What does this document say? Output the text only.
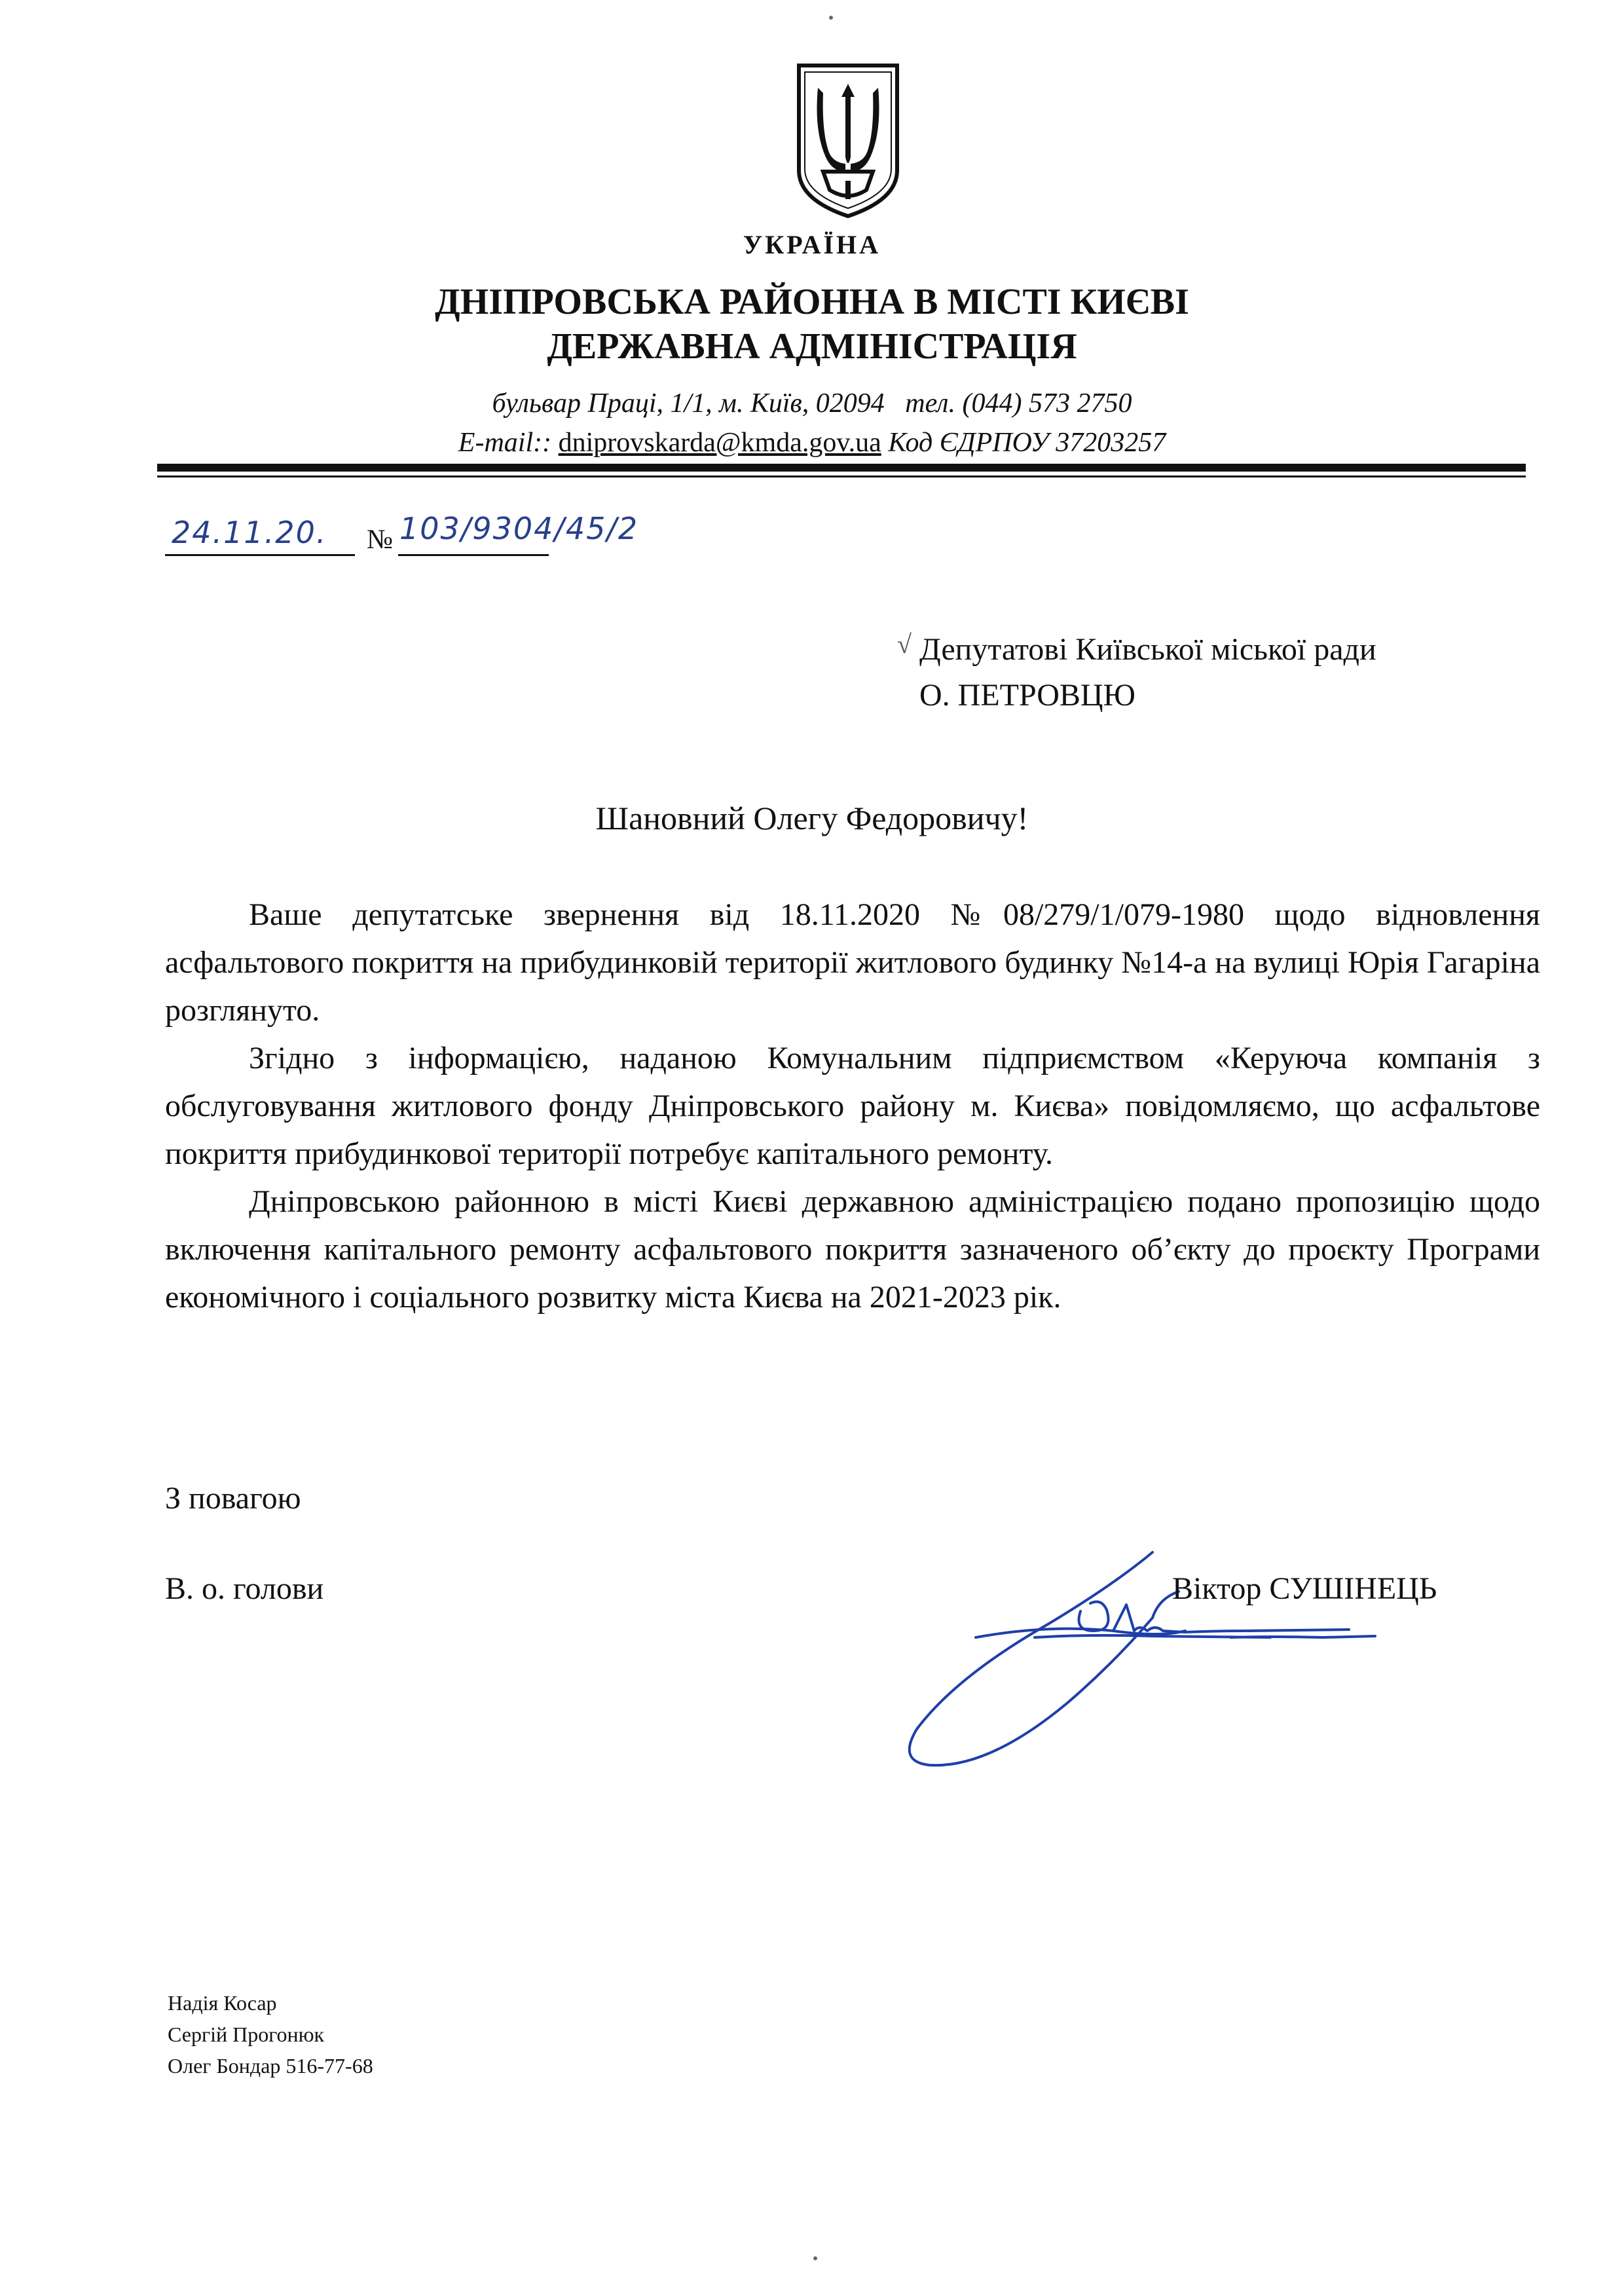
УКРАЇНА
ДНІПРОВСЬКА РАЙОННА В МІСТІ КИЄВІ
ДЕРЖАВНА АДМІНІСТРАЦІЯ
бульвар Праці, 1/1, м. Київ, 02094 тел. (044) 573 2750
E-mail:: dniprovskarda@kmda.gov.ua Код ЄДРПОУ 37203257
24.11.20. № 103/9304/45/2
√ Депутатові Київської міської ради
О. ПЕТРОВЦЮ
Шановний Олегу Федоровичу!

Ваше депутатське звернення від 18.11.2020 №08/279/1/079-1980 щодо відновлення асфальтового покриття на прибудинковій території житлового будинку №14-а на вулиці Юрія Гагаріна розглянуто.

Згідно з інформацією, наданою Комунальним підприємством «Керуюча компанія з обслуговування житлового фонду Дніпровського району м. Києва» повідомляємо, що асфальтове покриття прибудинкової території потребує капітального ремонту.

Дніпровською районною в місті Києві державною адміністрацією подано пропозицію щодо включення капітального ремонту асфальтового покриття зазначеного об’єкту до проєкту Програми економічного і соціального розвитку міста Києва на 2021-2023 рік.

З повагою
В. о. голови	Віктор СУШІНЕЦЬ
Надія Косар
Сергій Прогонюк
Олег Бондар 516-77-68
